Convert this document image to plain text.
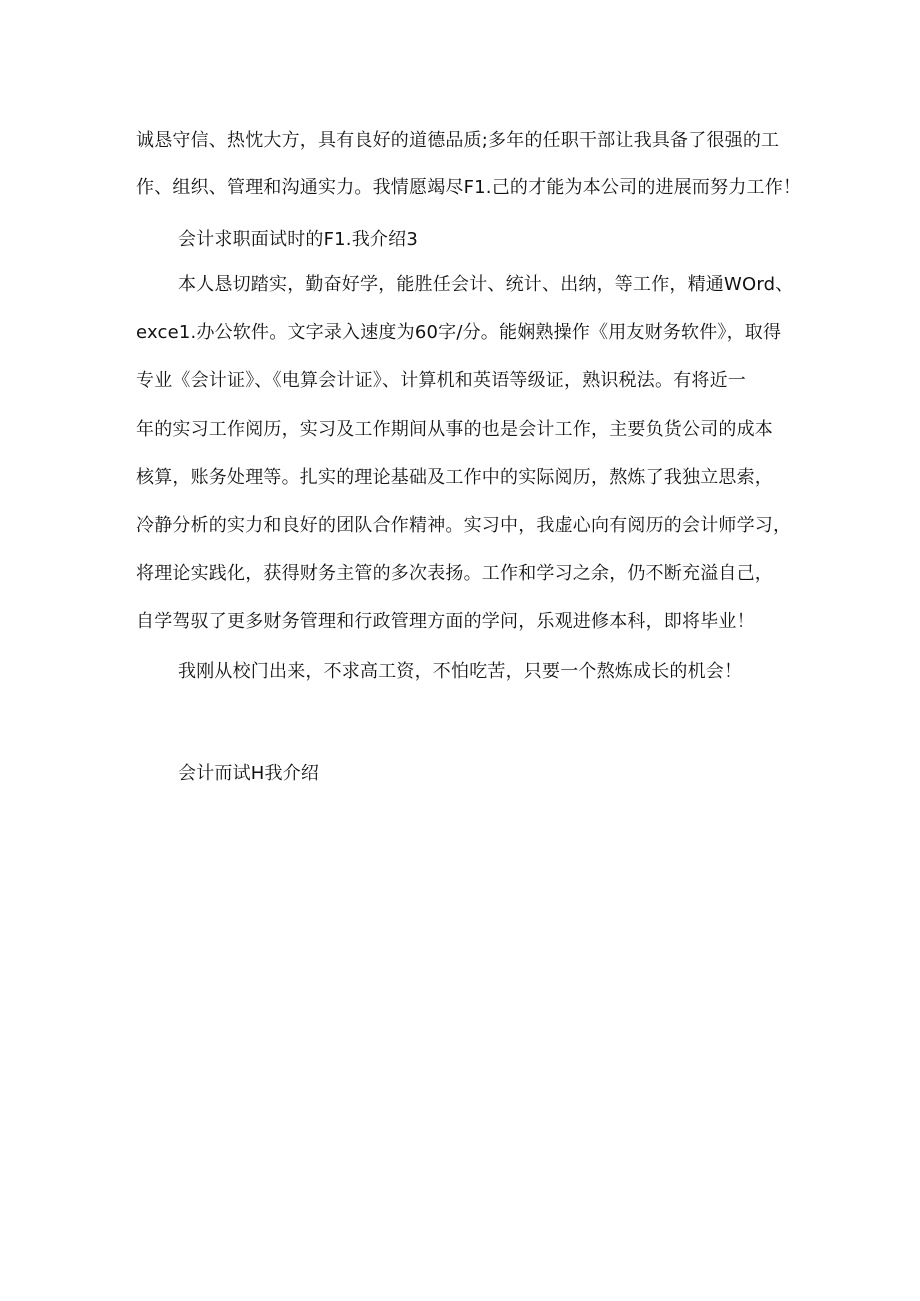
诚恳守信、热忱大方，具有良好的道德品质;多年的任职干部让我具备了很强的工
作、组织、管理和沟通实力。我情愿竭尽F1.己的才能为本公司的进展而努力工作！
会计求职面试时的F1.我介绍3
本人恳切踏实，勤奋好学，能胜任会计、统计、出纳，等工作，精通WOrd、
exce1.办公软件。文字录入速度为60字/分。能娴熟操作《用友财务软件》，取得
专业《会计证》、《电算会计证》、计算机和英语等级证，熟识税法。有将近一
年的实习工作阅历，实习及工作期间从事的也是会计工作，主要负货公司的成本
核算，账务处理等。扎实的理论基础及工作中的实际阅历，熬炼了我独立思索，
冷静分析的实力和良好的团队合作精神。实习中，我虚心向有阅历的会计师学习，
将理论实践化，获得财务主管的多次表扬。工作和学习之余，仍不断充溢自己，
自学驾驭了更多财务管理和行政管理方面的学问，乐观进修本科，即将毕业！
我刚从校门出来，不求高工资，不怕吃苦，只要一个熬炼成长的机会！
会计而试H我介绍
